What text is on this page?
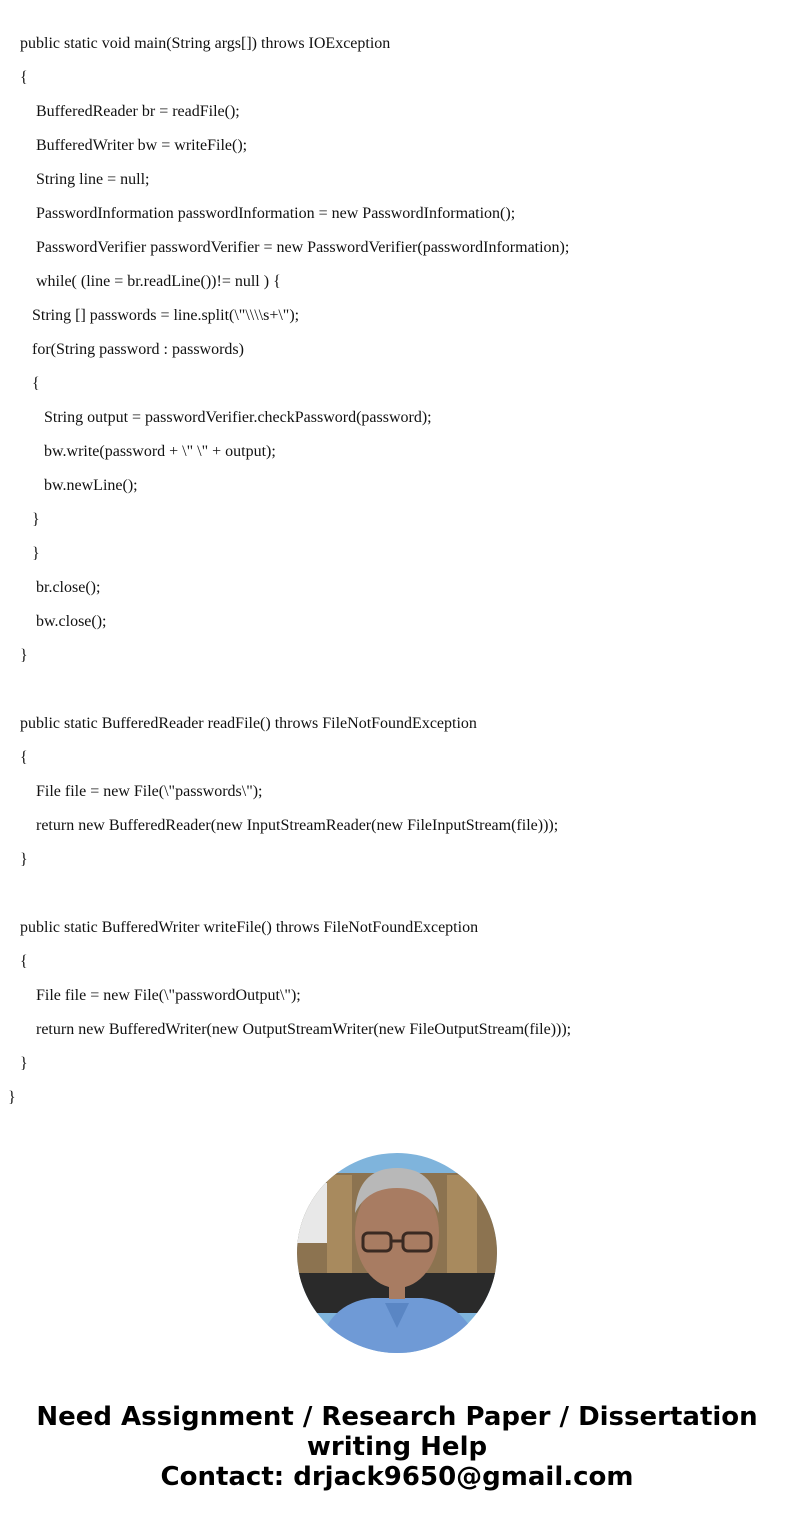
public static void main(String args[]) throws IOException
{
BufferedReader br = readFile();
BufferedWriter bw = writeFile();
String line = null;
PasswordInformation passwordInformation = new PasswordInformation();
PasswordVerifier passwordVerifier = new PasswordVerifier(passwordInformation);
while( (line = br.readLine())!= null ) {
String [] passwords = line.split(\"\\\\s+\");
for(String password : passwords)
{
String output = passwordVerifier.checkPassword(password);
bw.write(password + \" \" + output);
bw.newLine();
}
}
br.close();
bw.close();
}
public static BufferedReader readFile() throws FileNotFoundException
{
File file = new File(\"passwords\");
return new BufferedReader(new InputStreamReader(new FileInputStream(file)));
}
public static BufferedWriter writeFile() throws FileNotFoundException
{
File file = new File(\"passwordOutput\");
return new BufferedWriter(new OutputStreamWriter(new FileOutputStream(file)));
}
}
Need Assignment / Research Paper / Dissertation
writing Help
Contact: drjack9650@gmail.com
